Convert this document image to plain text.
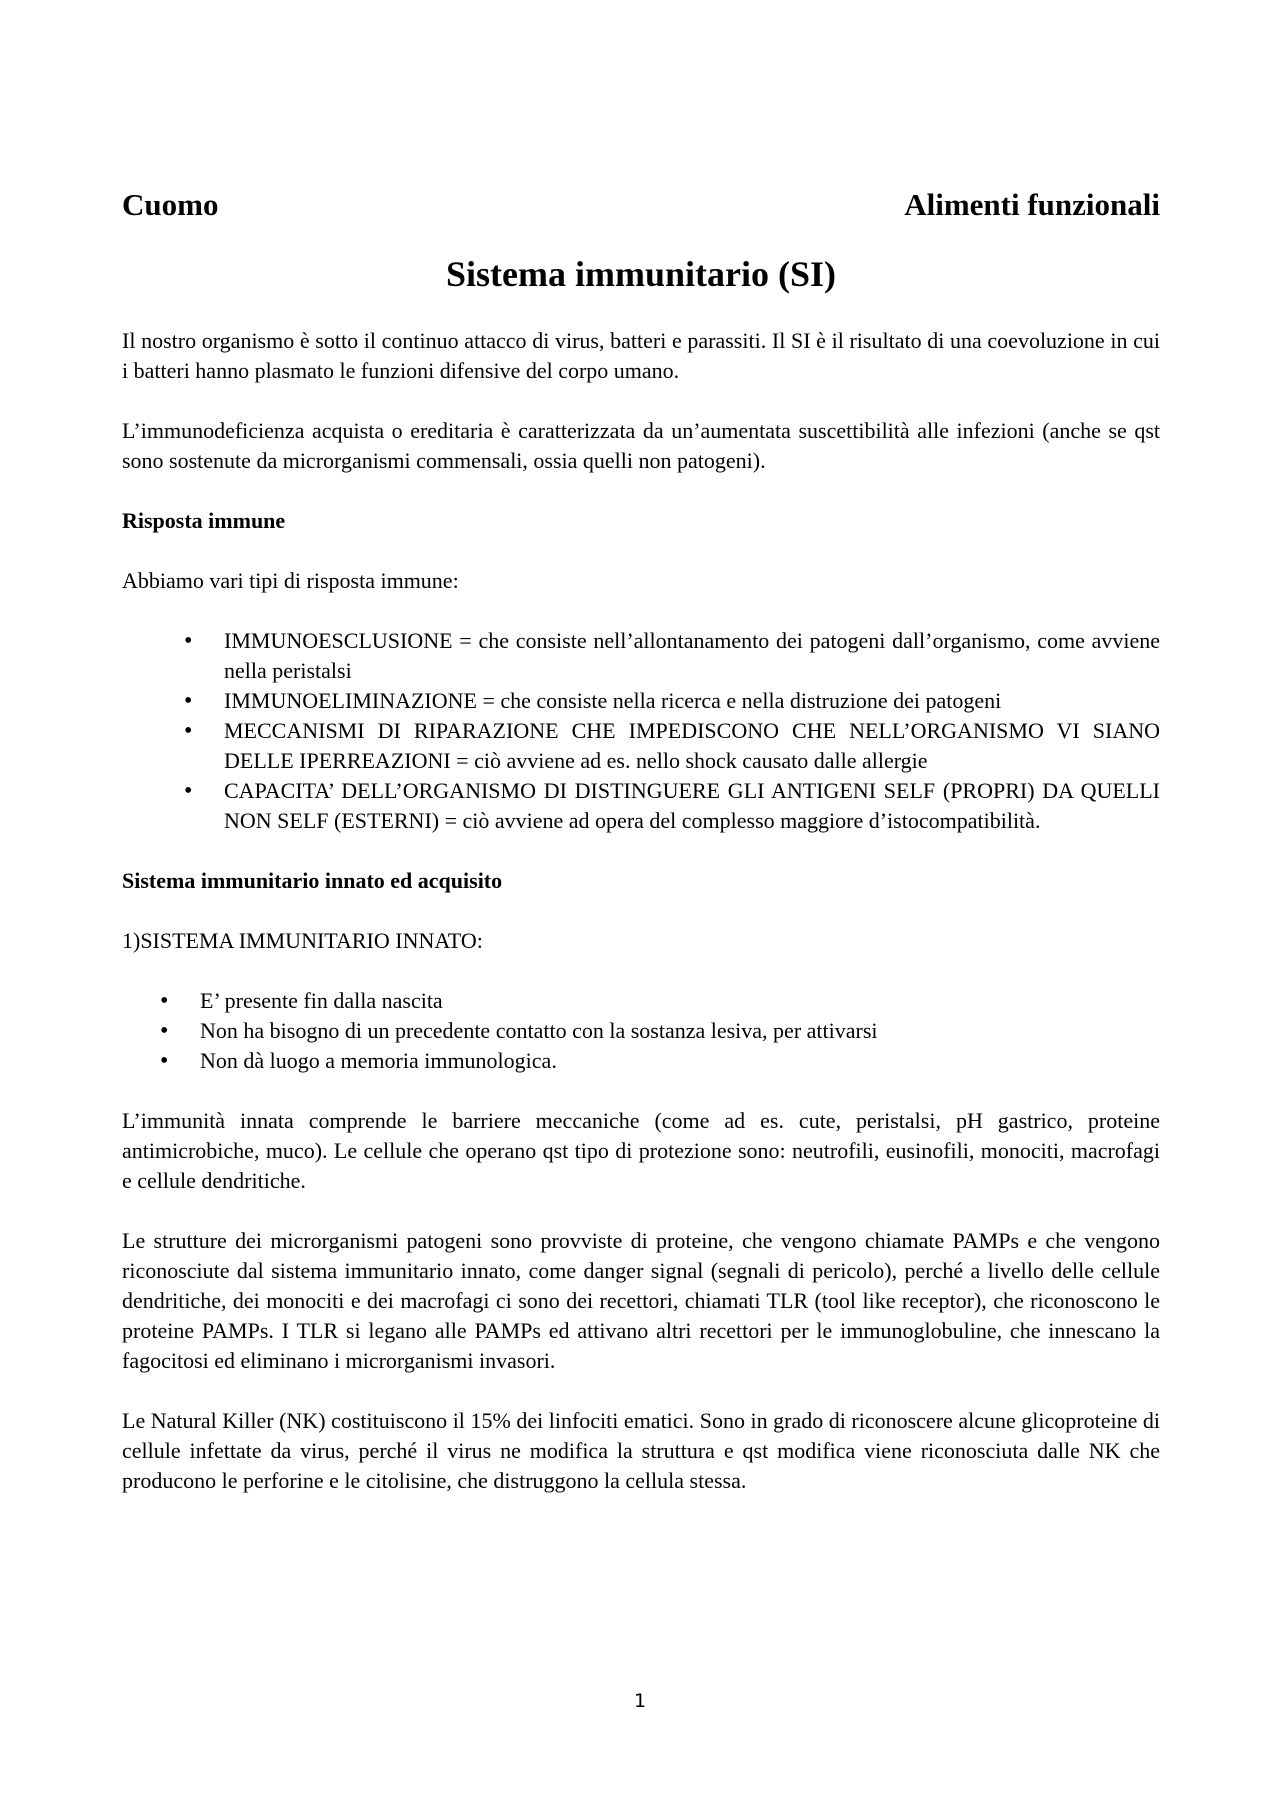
Cuomo	Alimenti funzionali
Sistema immunitario (SI)

Il nostro organismo è sotto il continuo attacco di virus, batteri e parassiti. Il SI è il risultato di una coevoluzione in cui i batteri hanno plasmato le funzioni difensive del corpo umano.

L’immunodeficienza acquista o ereditaria è caratterizzata da un’aumentata suscettibilità alle infezioni (anche se qst sono sostenute da microrganismi commensali, ossia quelli non patogeni).

Risposta immune

Abbiamo vari tipi di risposta immune:

• IMMUNOESCLUSIONE = che consiste nell’allontanamento dei patogeni dall’organismo, come avviene nella peristalsi
• IMMUNOELIMINAZIONE = che consiste nella ricerca e nella distruzione dei patogeni
• MECCANISMI DI RIPARAZIONE CHE IMPEDISCONO CHE NELL’ORGANISMO VI SIANO DELLE IPERREAZIONI = ciò avviene ad es. nello shock causato dalle allergie
• CAPACITA’ DELL’ORGANISMO DI DISTINGUERE GLI ANTIGENI SELF (PROPRI) DA QUELLI NON SELF (ESTERNI) = ciò avviene ad opera del complesso maggiore d’istocompatibilità.
Sistema immunitario innato ed acquisito

1)SISTEMA IMMUNITARIO INNATO:

• E’ presente fin dalla nascita
• Non ha bisogno di un precedente contatto con la sostanza lesiva, per attivarsi
• Non dà luogo a memoria immunologica.

L’immunità innata comprende le barriere meccaniche (come ad es. cute, peristalsi, pH gastrico, proteine antimicrobiche, muco). Le cellule che operano qst tipo di protezione sono: neutrofili, eusinofili, monociti, macrofagi e cellule dendritiche.

Le strutture dei microrganismi patogeni sono provviste di proteine, che vengono chiamate PAMPs e che vengono riconosciute dal sistema immunitario innato, come danger signal (segnali di pericolo), perché a livello delle cellule dendritiche, dei monociti e dei macrofagi ci sono dei recettori, chiamati TLR (tool like receptor), che riconoscono le proteine PAMPs. I TLR si legano alle PAMPs ed attivano altri recettori per le immunoglobuline, che innescano la fagocitosi ed eliminano i microrganismi invasori.

Le Natural Killer (NK) costituiscono il 15% dei linfociti ematici. Sono in grado di riconoscere alcune glicoproteine di cellule infettate da virus, perché il virus ne modifica la struttura e qst modifica viene riconosciuta dalle NK che producono le perforine e le citolisine, che distruggono la cellula stessa.

1
